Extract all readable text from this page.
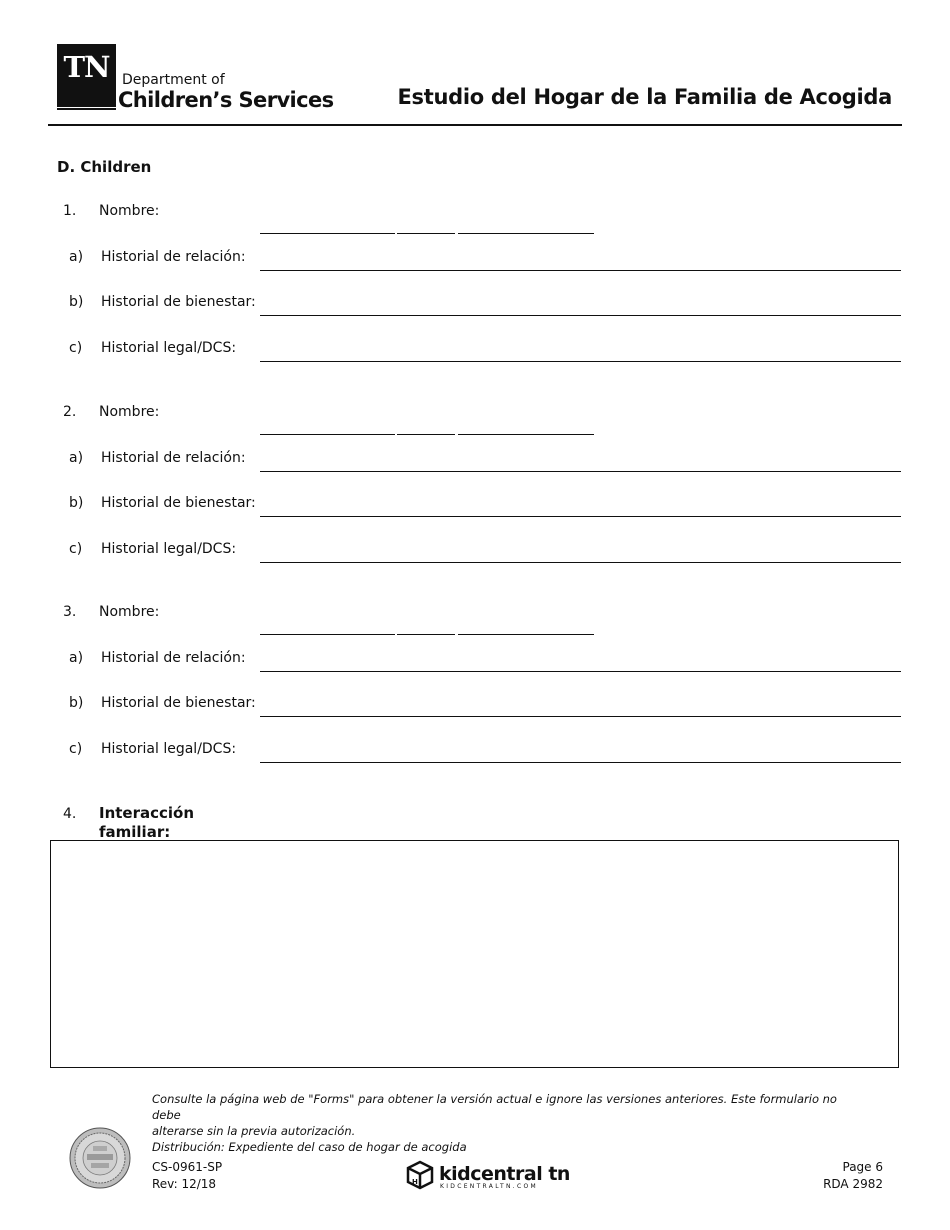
TN Department of
Children’s Services	Estudio del Hogar de la Familia de Acogida
D. Children
1. Nombre:
a) Historial de relación:
b) Historial de bienestar:
c) Historial legal/DCS:
2. Nombre:
a) Historial de relación:
b) Historial de bienestar:
c) Historial legal/DCS:
3. Nombre:
a) Historial de relación:
b) Historial de bienestar:
c) Historial legal/DCS:
4. Interacción familiar:
Consulte la página web de "Forms" para obtener la versión actual e ignore las versiones anteriores. Este formulario no debe
alterarse sin la previa autorización.
Distribución: Expediente del caso de hogar de acogida
CS-0961-SP
Rev: 12/18	H kidcentral tn
KIDCENTRALTN.COM
Page 6
RDA 2982
